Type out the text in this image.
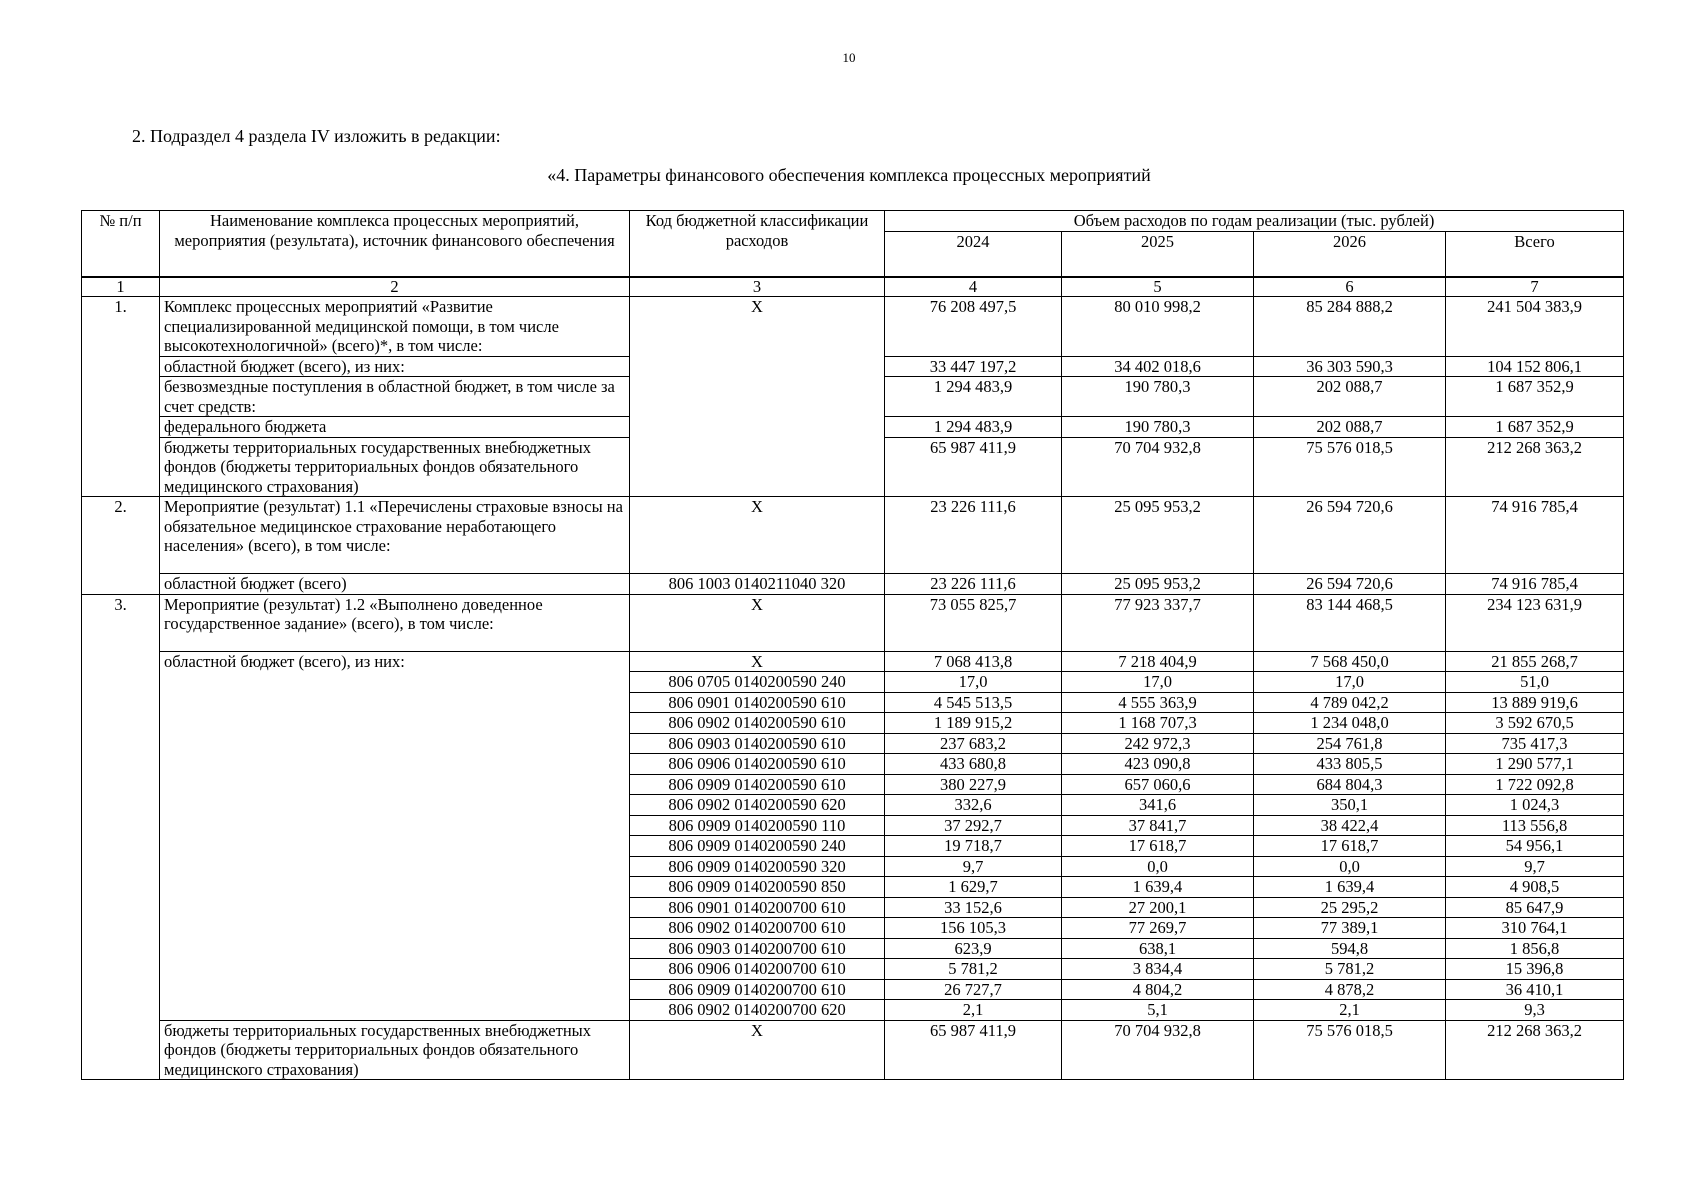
10
2. Подраздел 4 раздела IV изложить в редакции:
«4. Параметры финансового обеспечения комплекса процессных мероприятий
№ п/п	Наименование комплекса процессных мероприятий, мероприятия (результата), источник финансового обеспечения	Код бюджетной классификации расходов	Объем расходов по годам реализации (тыс. рублей)			
			2024	2025	2026	Всего
1	2	3	4	5	6	7
1.	Комплекс процессных мероприятий «Развитие специализированной медицинской помощи, в том числе высокотехнологичной» (всего)*, в том числе:	X	76 208 497,5	80 010 998,2	85 284 888,2	241 504 383,9
	областной бюджет (всего), из них:		33 447 197,2	34 402 018,6	36 303 590,3	104 152 806,1
	безвозмездные поступления в областной бюджет, в том числе за счет средств:		1 294 483,9	190 780,3	202 088,7	1 687 352,9
	федерального бюджета		1 294 483,9	190 780,3	202 088,7	1 687 352,9
	бюджеты территориальных государственных внебюджетных фондов (бюджеты территориальных фондов обязательного медицинского страхования)		65 987 411,9	70 704 932,8	75 576 018,5	212 268 363,2
2.	Мероприятие (результат) 1.1 «Перечислены страховые взносы на обязательное медицинское страхование неработающего населения» (всего), в том числе:	X	23 226 111,6	25 095 953,2	26 594 720,6	74 916 785,4
	областной бюджет (всего)	806 1003 0140211040 320	23 226 111,6	25 095 953,2	26 594 720,6	74 916 785,4
3.	Мероприятие (результат) 1.2 «Выполнено доведенное государственное задание» (всего), в том числе:	X	73 055 825,7	77 923 337,7	83 144 468,5	234 123 631,9
	областной бюджет (всего), из них:	X	7 068 413,8	7 218 404,9	7 568 450,0	21 855 268,7
		806 0705 0140200590 240	17,0	17,0	17,0	51,0
		806 0901 0140200590 610	4 545 513,5	4 555 363,9	4 789 042,2	13 889 919,6
		806 0902 0140200590 610	1 189 915,2	1 168 707,3	1 234 048,0	3 592 670,5
		806 0903 0140200590 610	237 683,2	242 972,3	254 761,8	735 417,3
		806 0906 0140200590 610	433 680,8	423 090,8	433 805,5	1 290 577,1
		806 0909 0140200590 610	380 227,9	657 060,6	684 804,3	1 722 092,8
		806 0902 0140200590 620	332,6	341,6	350,1	1 024,3
		806 0909 0140200590 110	37 292,7	37 841,7	38 422,4	113 556,8
		806 0909 0140200590 240	19 718,7	17 618,7	17 618,7	54 956,1
		806 0909 0140200590 320	9,7	0,0	0,0	9,7
		806 0909 0140200590 850	1 629,7	1 639,4	1 639,4	4 908,5
		806 0901 0140200700 610	33 152,6	27 200,1	25 295,2	85 647,9
		806 0902 0140200700 610	156 105,3	77 269,7	77 389,1	310 764,1
		806 0903 0140200700 610	623,9	638,1	594,8	1 856,8
		806 0906 0140200700 610	5 781,2	3 834,4	5 781,2	15 396,8
		806 0909 0140200700 610	26 727,7	4 804,2	4 878,2	36 410,1
		806 0902 0140200700 620	2,1	5,1	2,1	9,3
	бюджеты территориальных государственных внебюджетных фондов (бюджеты территориальных фондов обязательного медицинского страхования)	X	65 987 411,9	70 704 932,8	75 576 018,5	212 268 363,2
